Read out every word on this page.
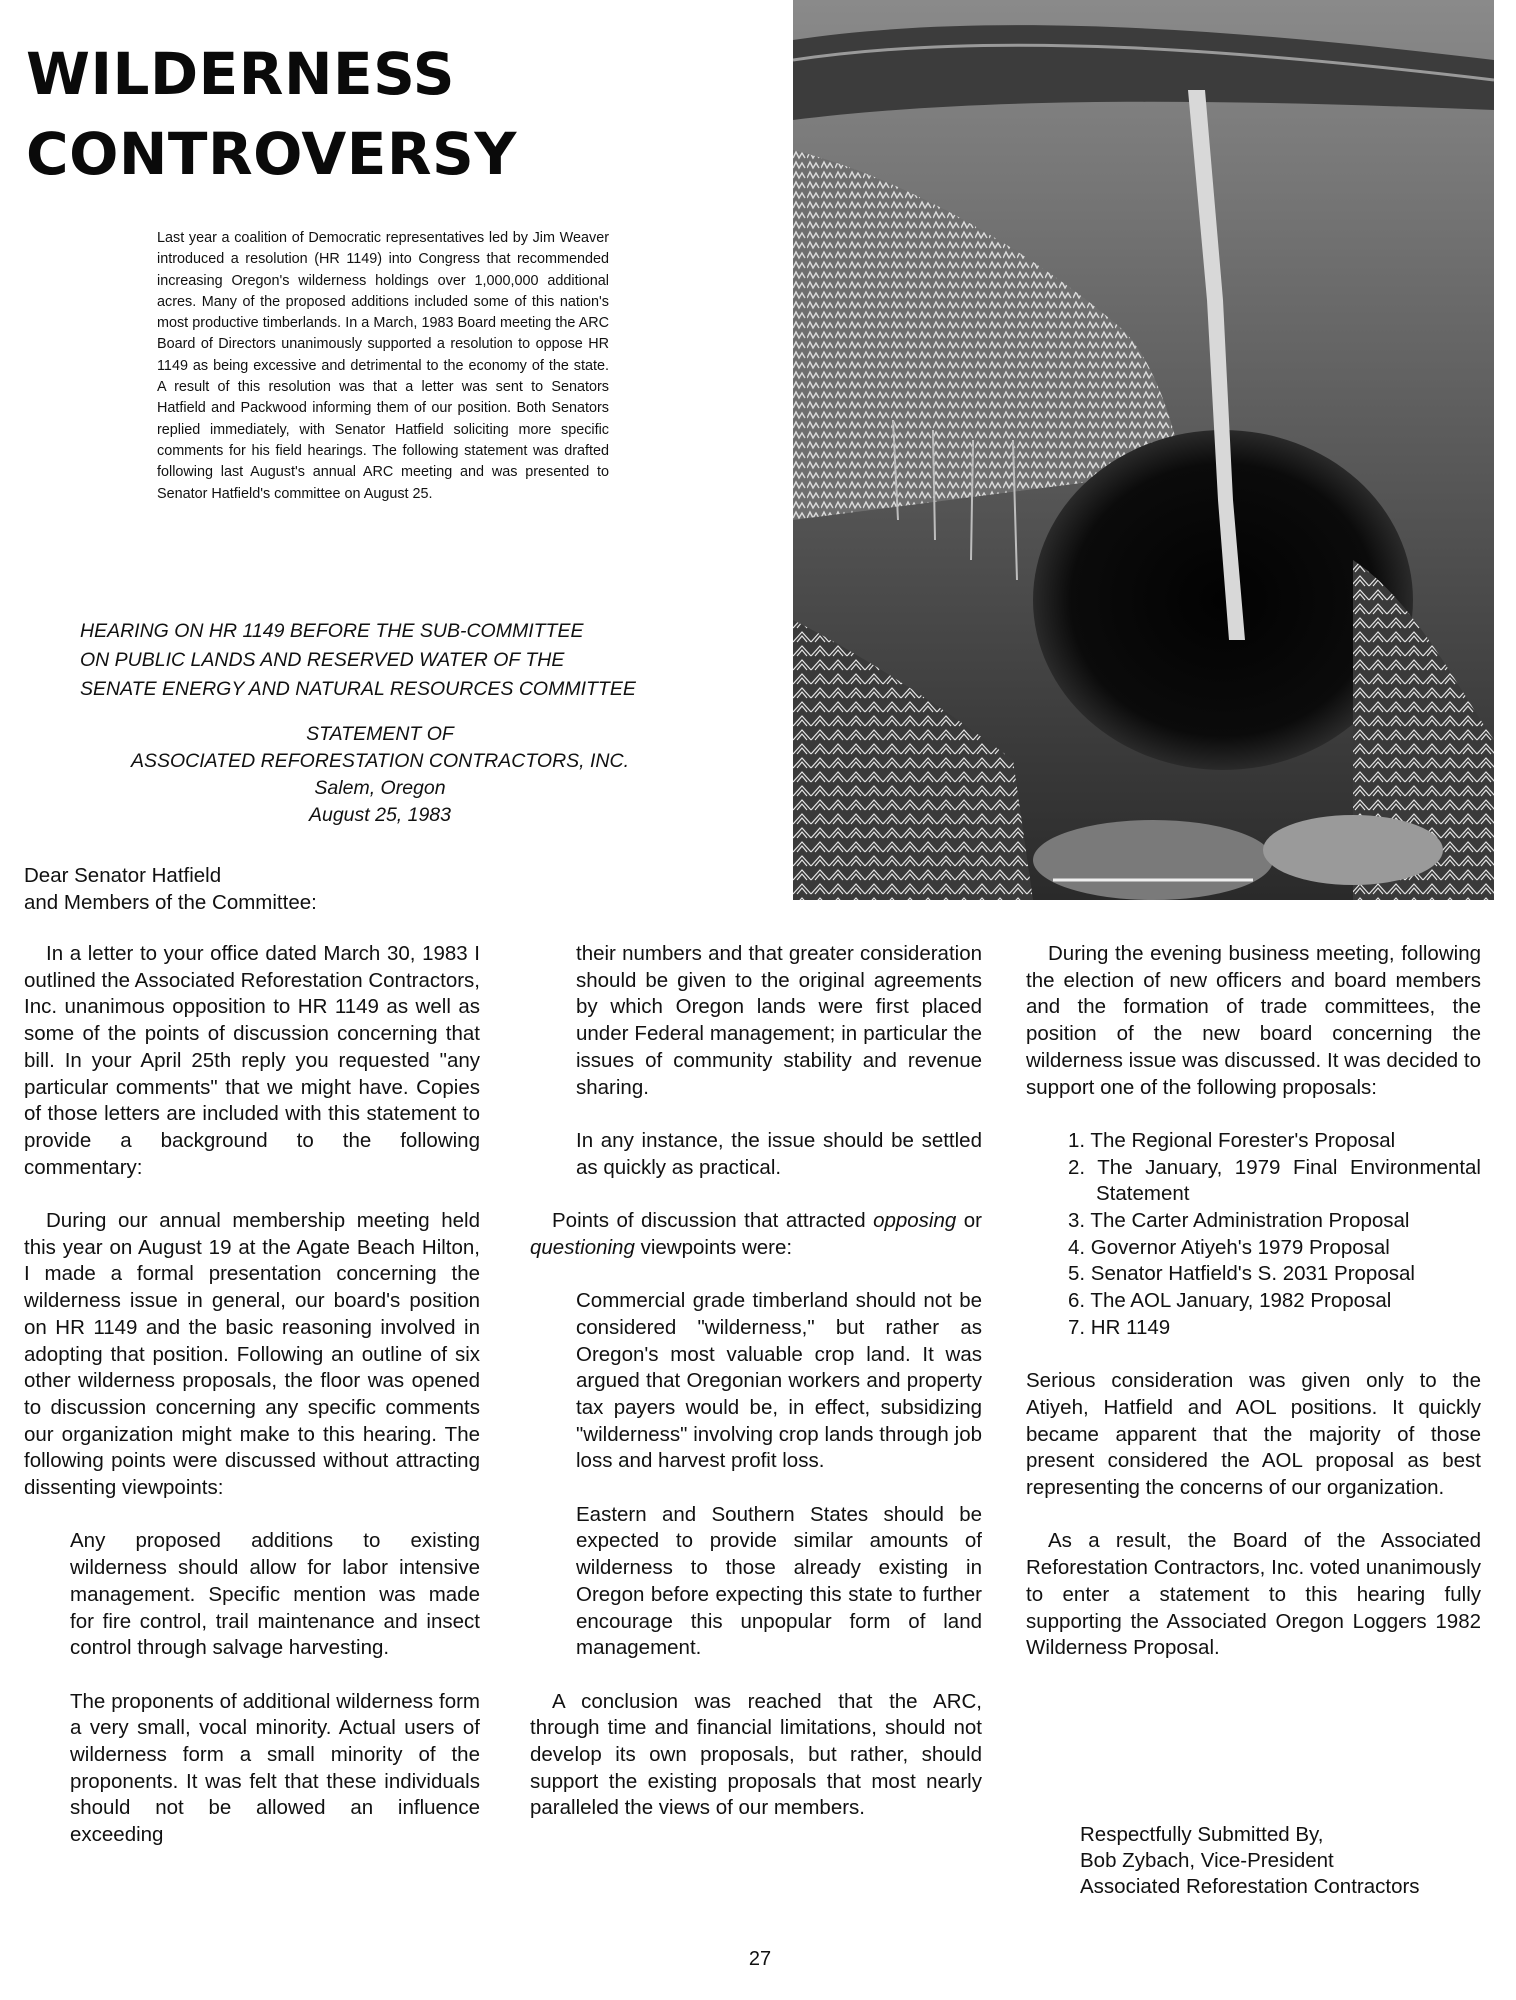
WILDERNESS
CONTROVERSY
Last year a coalition of Democratic representatives led by Jim Weaver introduced a resolution (HR 1149) into Congress that recommended increasing Oregon's wilderness holdings over 1,000,000 additional acres. Many of the proposed additions included some of this nation's most productive timberlands. In a March, 1983 Board meeting the ARC Board of Directors unanimously supported a resolution to oppose HR 1149 as being excessive and detrimental to the economy of the state. A result of this resolution was that a letter was sent to Senators Hatfield and Packwood informing them of our position. Both Senators replied immediately, with Senator Hatfield soliciting more specific comments for his field hearings. The following statement was drafted following last August's annual ARC meeting and was presented to Senator Hatfield's committee on August 25.
HEARING ON HR 1149 BEFORE THE SUB-COMMITTEE
ON PUBLIC LANDS AND RESERVED WATER OF THE
SENATE ENERGY AND NATURAL RESOURCES COMMITTEE
STATEMENT OF
ASSOCIATED REFORESTATION CONTRACTORS, INC.
Salem, Oregon
August 25, 1983
Dear Senator Hatfield
and Members of the Committee:

In a letter to your office dated March 30, 1983 I outlined the Associated Reforestation Contractors, Inc. unanimous opposition to HR 1149 as well as some of the points of discussion concerning that bill. In your April 25th reply you requested "any particular comments" that we might have. Copies of those letters are included with this statement to provide a background to the following commentary:

During our annual membership meeting held this year on August 19 at the Agate Beach Hilton, I made a formal presentation concerning the wilderness issue in general, our board's position on HR 1149 and the basic reasoning involved in adopting that position. Following an outline of six other wilderness proposals, the floor was opened to discussion concerning any specific comments our organization might make to this hearing. The following points were discussed without attracting dissenting viewpoints:

Any proposed additions to existing wilderness should allow for labor intensive management. Specific mention was made for fire control, trail maintenance and insect control through salvage harvesting.

The proponents of additional wilderness form a very small, vocal minority. Actual users of wilderness form a small minority of the proponents. It was felt that these individuals should not be allowed an influence exceeding

their numbers and that greater consideration should be given to the original agreements by which Oregon lands were first placed under Federal management; in particular the issues of community stability and revenue sharing.

In any instance, the issue should be settled as quickly as practical.

Points of discussion that attracted opposing or questioning viewpoints were:

Commercial grade timberland should not be considered "wilderness," but rather as Oregon's most valuable crop land. It was argued that Oregonian workers and property tax payers would be, in effect, subsidizing "wilderness" involving crop lands through job loss and harvest profit loss.

Eastern and Southern States should be expected to provide similar amounts of wilderness to those already existing in Oregon before expecting this state to further encourage this unpopular form of land management.

A conclusion was reached that the ARC, through time and financial limitations, should not develop its own proposals, but rather, should support the existing proposals that most nearly paralleled the views of our members.

During the evening business meeting, following the election of new officers and board members and the formation of trade committees, the position of the new board concerning the wilderness issue was discussed. It was decided to support one of the following proposals:

1. The Regional Forester's Proposal
2. The January, 1979 Final Environmental Statement
3. The Carter Administration Proposal
4. Governor Atiyeh's 1979 Proposal
5. Senator Hatfield's S. 2031 Proposal
6. The AOL January, 1982 Proposal
7. HR 1149

Serious consideration was given only to the Atiyeh, Hatfield and AOL positions. It quickly became apparent that the majority of those present considered the AOL proposal as best representing the concerns of our organization.

As a result, the Board of the Associated Reforestation Contractors, Inc. voted unanimously to enter a statement to this hearing fully supporting the Associated Oregon Loggers 1982 Wilderness Proposal.

Respectfully Submitted By,
Bob Zybach, Vice-President
Associated Reforestation Contractors
27
